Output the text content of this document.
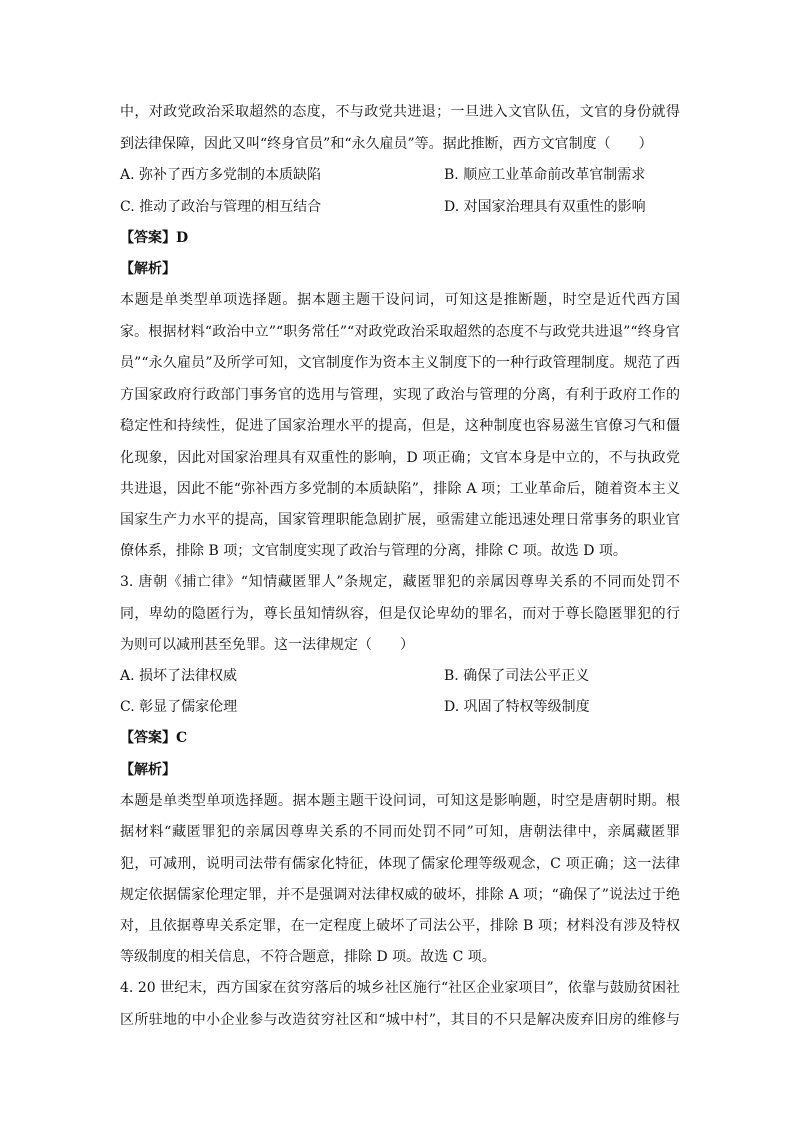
中，对政党政治采取超然的态度，不与政党共进退；一旦进入文官队伍，文官的身份就得
到法律保障，因此又叫“终身官员”和“永久雇员”等。据此推断，西方文官制度（　　）
A. 弥补了西方多党制的本质缺陷	B. 顺应工业革命前改革官制需求
C. 推动了政治与管理的相互结合	D. 对国家治理具有双重性的影响
【答案】D
【解析】
本题是单类型单项选择题。据本题主题干设问词，可知这是推断题，时空是近代西方国
家。根据材料“政治中立”“职务常任”“对政党政治采取超然的态度不与政党共进退”“终身官
员”“永久雇员”及所学可知，文官制度作为资本主义制度下的一种行政管理制度。规范了西
方国家政府行政部门事务官的选用与管理，实现了政治与管理的分离，有利于政府工作的
稳定性和持续性，促进了国家治理水平的提高，但是，这种制度也容易滋生官僚习气和僵
化现象，因此对国家治理具有双重性的影响，D 项正确；文官本身是中立的，不与执政党
共进退，因此不能“弥补西方多党制的本质缺陷”，排除 A 项；工业革命后，随着资本主义
国家生产力水平的提高，国家管理职能急剧扩展，亟需建立能迅速处理日常事务的职业官
僚体系，排除 B 项；文官制度实现了政治与管理的分离，排除 C 项。故选 D 项。
3. 唐朝《捕亡律》“知情藏匿罪人”条规定，藏匿罪犯的亲属因尊卑关系的不同而处罚不
同，卑幼的隐匿行为，尊长虽知情纵容，但是仅论卑幼的罪名，而对于尊长隐匿罪犯的行
为则可以减刑甚至免罪。这一法律规定（　　）
A. 损坏了法律权威	B. 确保了司法公平正义
C. 彰显了儒家伦理	D. 巩固了特权等级制度
【答案】C
【解析】
本题是单类型单项选择题。据本题主题干设问词，可知这是影响题，时空是唐朝时期。根
据材料“藏匿罪犯的亲属因尊卑关系的不同而处罚不同”可知，唐朝法律中，亲属藏匿罪
犯，可减刑，说明司法带有儒家化特征，体现了儒家伦理等级观念，C 项正确；这一法律
规定依据儒家伦理定罪，并不是强调对法律权威的破坏，排除 A 项；“确保了”说法过于绝
对，且依据尊卑关系定罪，在一定程度上破坏了司法公平，排除 B 项；材料没有涉及特权
等级制度的相关信息，不符合题意，排除 D 项。故选 C 项。
4. 20 世纪末，西方国家在贫穷落后的城乡社区施行“社区企业家项目”，依靠与鼓励贫困社
区所驻地的中小企业参与改造贫穷社区和“城中村”，其目的不只是解决废弃旧房的维修与
